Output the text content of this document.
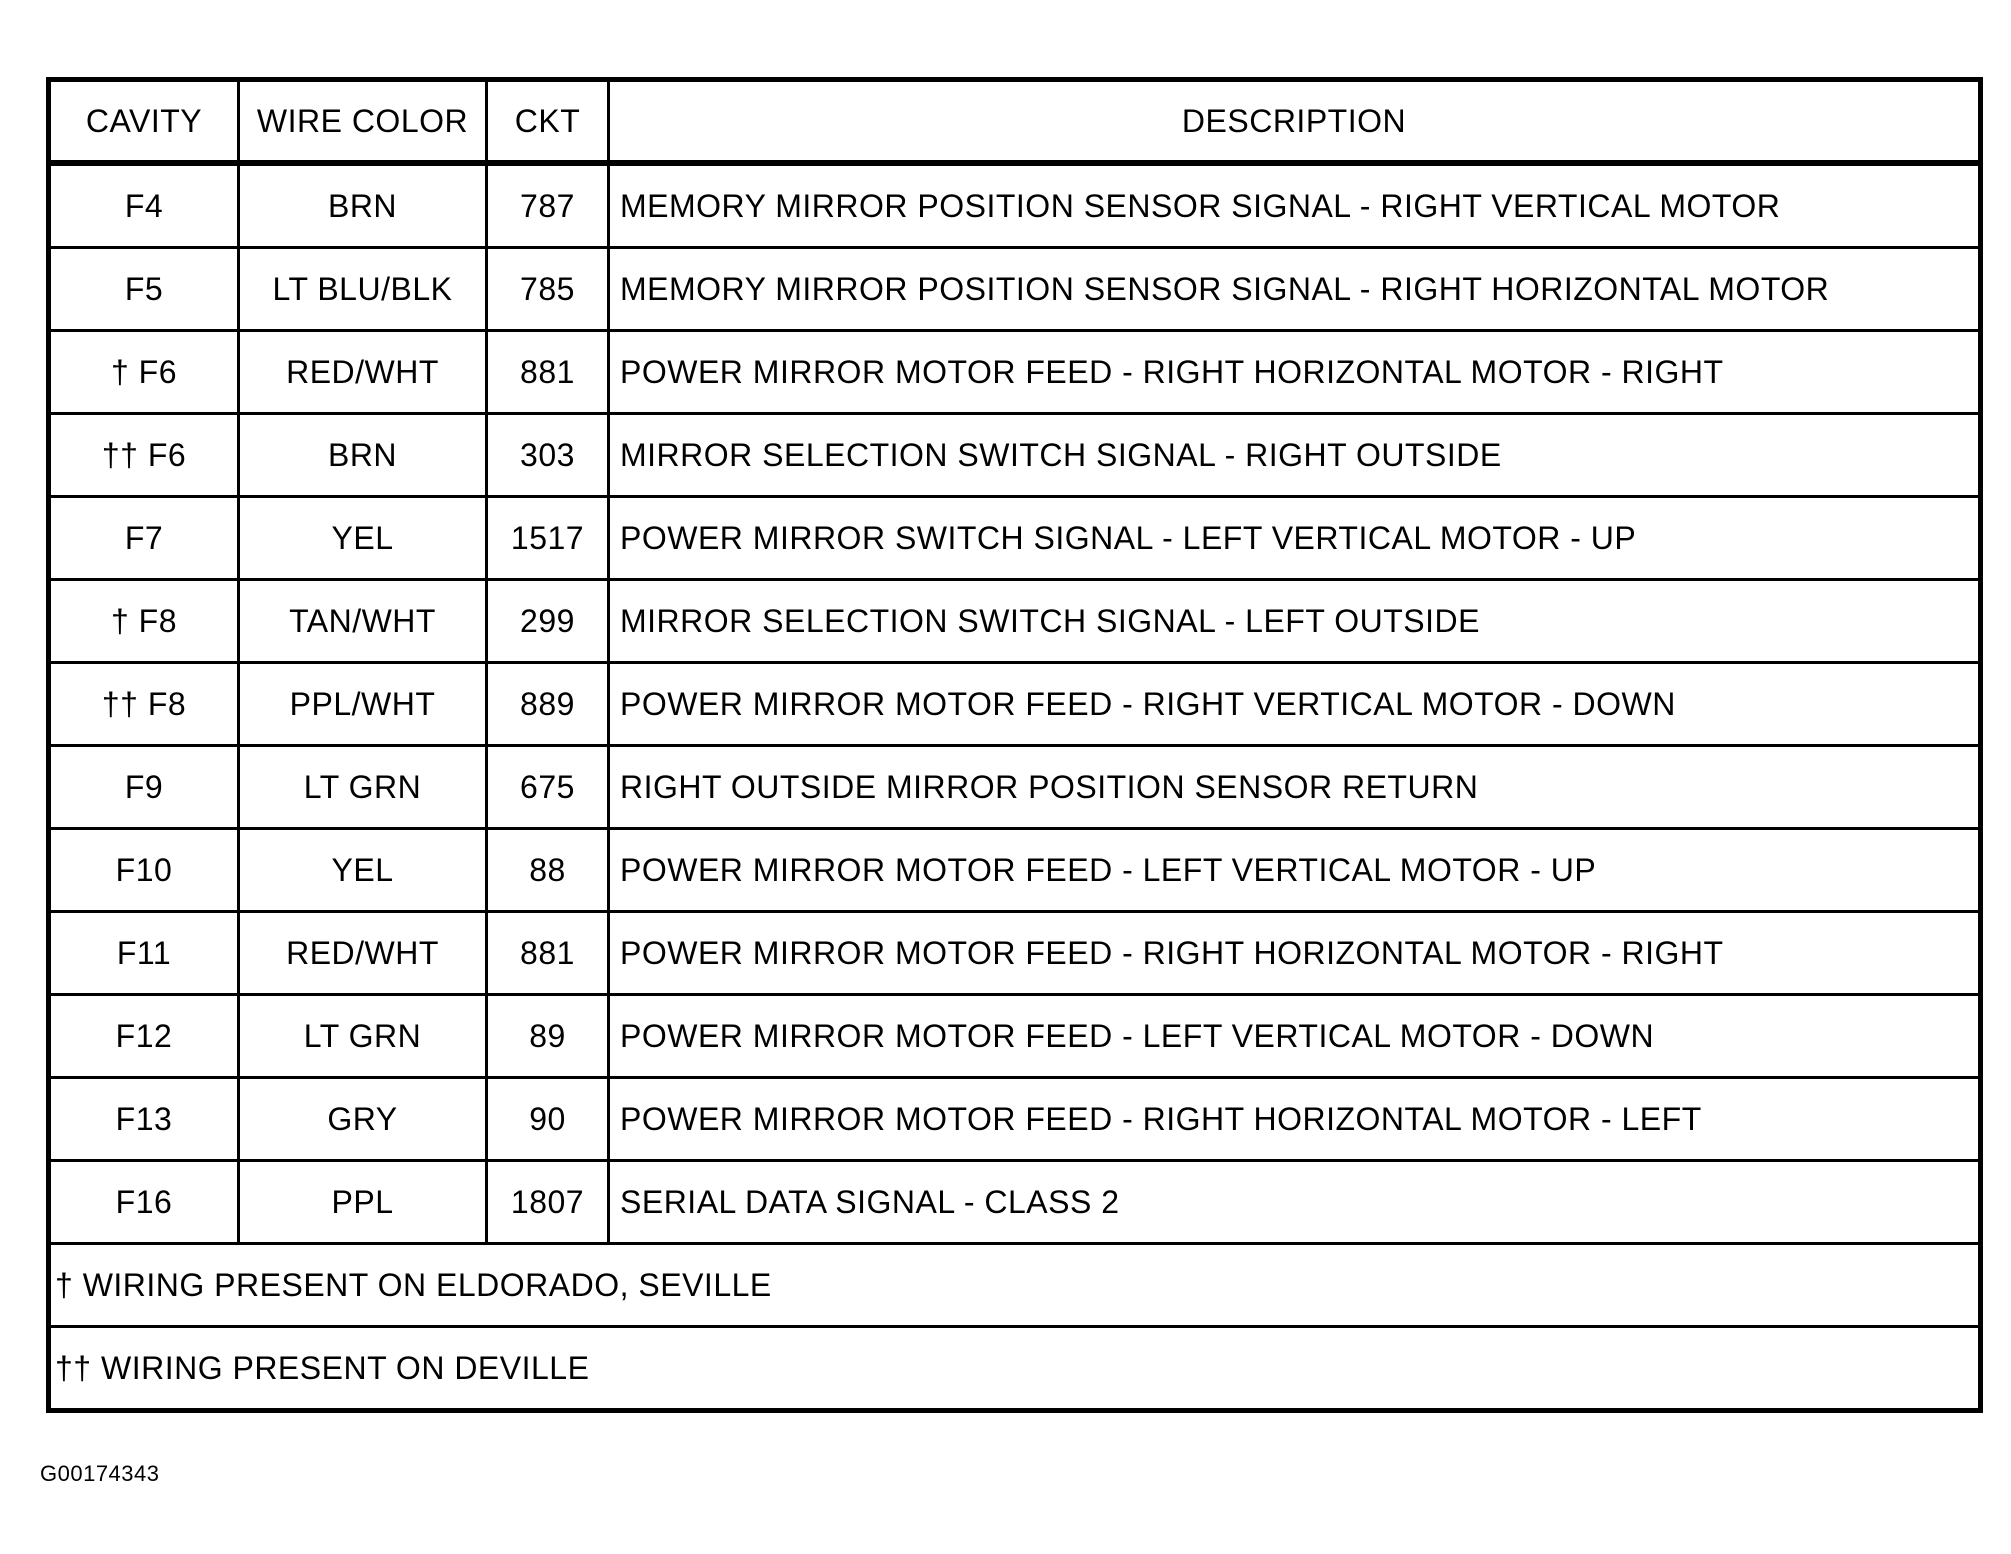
CAVITY	WIRE COLOR	CKT	DESCRIPTION
F4	BRN	787	MEMORY MIRROR POSITION SENSOR SIGNAL - RIGHT VERTICAL MOTOR
F5	LT BLU/BLK	785	MEMORY MIRROR POSITION SENSOR SIGNAL - RIGHT HORIZONTAL MOTOR
† F6	RED/WHT	881	POWER MIRROR MOTOR FEED - RIGHT HORIZONTAL MOTOR - RIGHT
†† F6	BRN	303	MIRROR SELECTION SWITCH SIGNAL - RIGHT OUTSIDE
F7	YEL	1517	POWER MIRROR SWITCH SIGNAL - LEFT VERTICAL MOTOR - UP
† F8	TAN/WHT	299	MIRROR SELECTION SWITCH SIGNAL - LEFT OUTSIDE
†† F8	PPL/WHT	889	POWER MIRROR MOTOR FEED - RIGHT VERTICAL MOTOR - DOWN
F9	LT GRN	675	RIGHT OUTSIDE MIRROR POSITION SENSOR RETURN
F10	YEL	88	POWER MIRROR MOTOR FEED - LEFT VERTICAL MOTOR - UP
F11	RED/WHT	881	POWER MIRROR MOTOR FEED - RIGHT HORIZONTAL MOTOR - RIGHT
F12	LT GRN	89	POWER MIRROR MOTOR FEED - LEFT VERTICAL MOTOR - DOWN
F13	GRY	90	POWER MIRROR MOTOR FEED - RIGHT HORIZONTAL MOTOR - LEFT
F16	PPL	1807	SERIAL DATA SIGNAL - CLASS 2
† WIRING PRESENT ON ELDORADO, SEVILLE			
†† WIRING PRESENT ON DEVILLE			
G00174343
